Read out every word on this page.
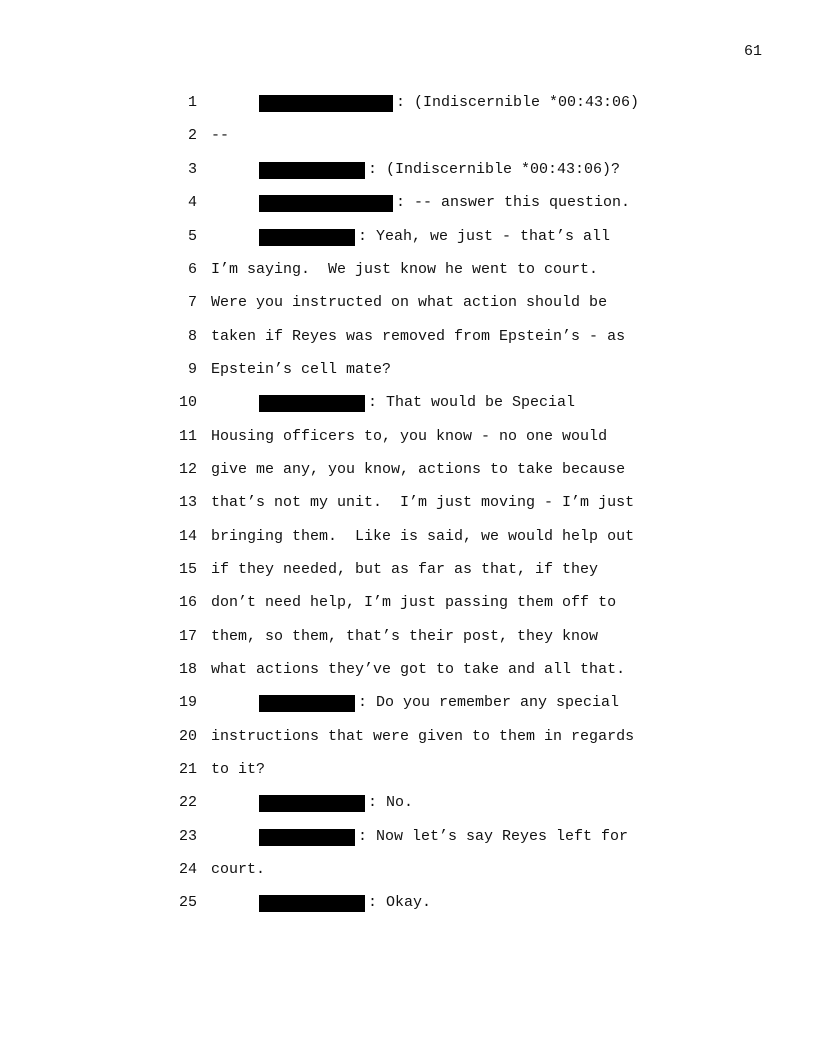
61
1	: (Indiscernible *00:43:06)
2 --
3	: (Indiscernible *00:43:06)?
4	: -- answer this question.
5	: Yeah, we just - that’s all
6 I’m saying.  We just know he went to court.
7 Were you instructed on what action should be
8 taken if Reyes was removed from Epstein’s - as
9 Epstein’s cell mate?
10	: That would be Special
11 Housing officers to, you know - no one would
12 give me any, you know, actions to take because
13 that’s not my unit.  I’m just moving - I’m just
14 bringing them.  Like is said, we would help out
15 if they needed, but as far as that, if they
16 don’t need help, I’m just passing them off to
17 them, so them, that’s their post, they know
18 what actions they’ve got to take and all that.
19	: Do you remember any special
20 instructions that were given to them in regards
21 to it?
22	: No.
23	: Now let’s say Reyes left for
24 court.
25	: Okay.
